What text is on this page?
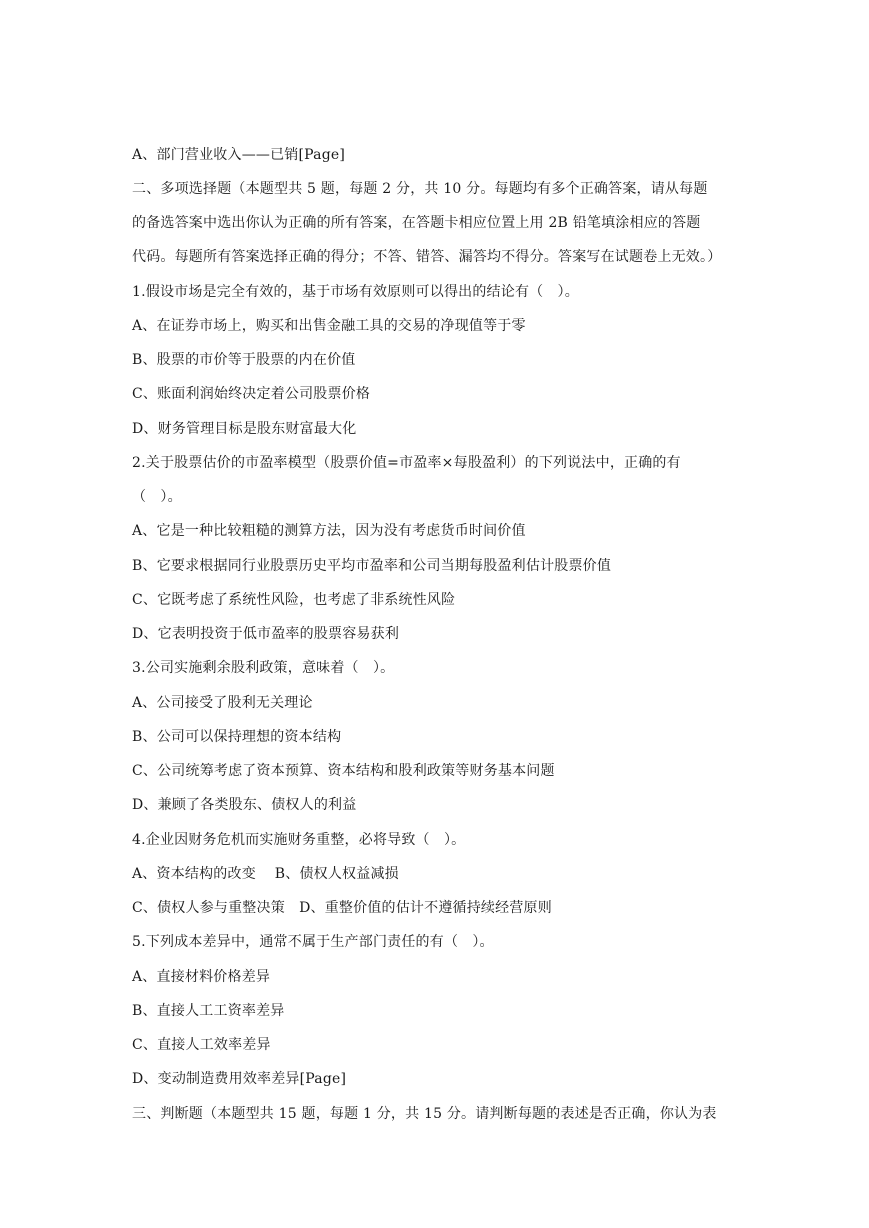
A、部门营业收入——已销[Page]
二、多项选择题（本题型共 5 题，每题 2 分，共 10 分。每题均有多个正确答案，请从每题
的备选答案中选出你认为正确的所有答案，在答题卡相应位置上用 2B 铅笔填涂相应的答题
代码。每题所有答案选择正确的得分；不答、错答、漏答均不得分。答案写在试题卷上无效。）
1.假设市场是完全有效的，基于市场有效原则可以得出的结论有（　）。
A、在证券市场上，购买和出售金融工具的交易的净现值等于零
B、股票的市价等于股票的内在价值
C、账面利润始终决定着公司股票价格
D、财务管理目标是股东财富最大化
2.关于股票估价的市盈率模型（股票价值=市盈率×每股盈利）的下列说法中，正确的有
（　）。
A、它是一种比较粗糙的测算方法，因为没有考虑货币时间价值
B、它要求根据同行业股票历史平均市盈率和公司当期每股盈利估计股票价值
C、它既考虑了系统性风险，也考虑了非系统性风险
D、它表明投资于低市盈率的股票容易获利
3.公司实施剩余股利政策，意味着（　）。
A、公司接受了股利无关理论
B、公司可以保持理想的资本结构
C、公司统筹考虑了资本预算、资本结构和股利政策等财务基本问题
D、兼顾了各类股东、债权人的利益
4.企业因财务危机而实施财务重整，必将导致（　）。
A、资本结构的改变　 B、债权人权益减损
C、债权人参与重整决策　D、重整价值的估计不遵循持续经营原则
5.下列成本差异中，通常不属于生产部门责任的有（　）。
A、直接材料价格差异
B、直接人工工资率差异
C、直接人工效率差异
D、变动制造费用效率差异[Page]
三、判断题（本题型共 15 题，每题 1 分，共 15 分。请判断每题的表述是否正确，你认为表
